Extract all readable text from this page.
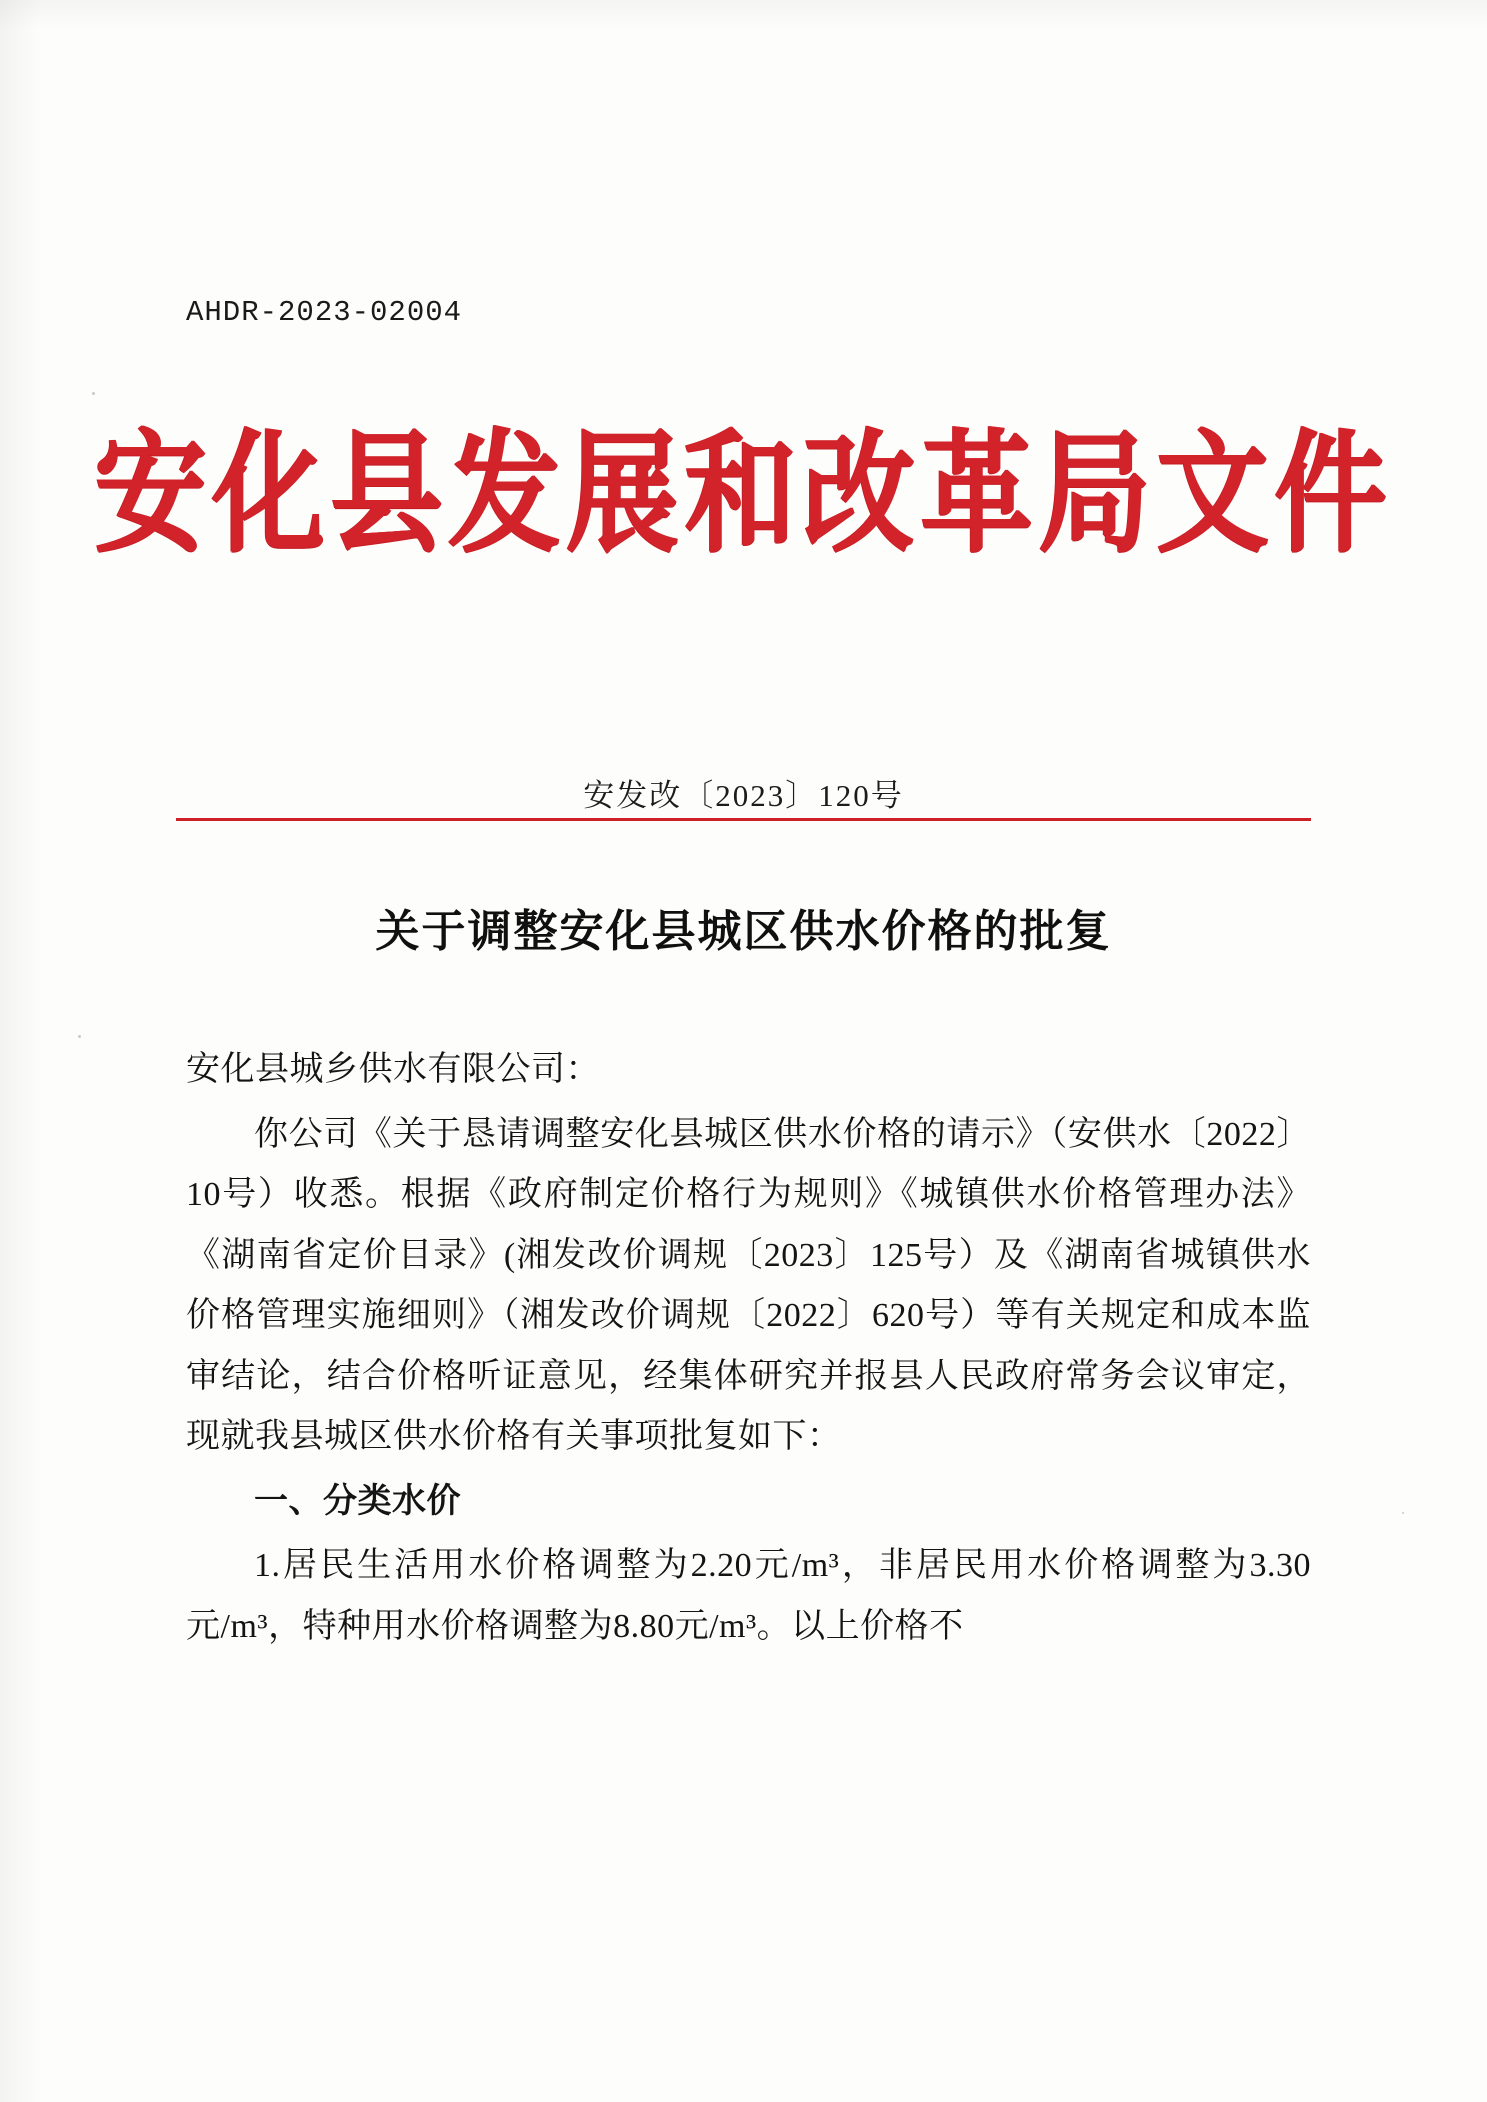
AHDR-2023-02004
安化县发展和改革局文件
安发改〔2023〕120号
关于调整安化县城区供水价格的批复

安化县城乡供水有限公司：

你公司《关于恳请调整安化县城区供水价格的请示》（安供水〔2022〕10号）收悉。根据《政府制定价格行为规则》《城镇供水价格管理办法》《湖南省定价目录》(湘发改价调规〔2023〕125号）及《湖南省城镇供水价格管理实施细则》（湘发改价调规〔2022〕620号）等有关规定和成本监审结论，结合价格听证意见，经集体研究并报县人民政府常务会议审定，现就我县城区供水价格有关事项批复如下：

一、分类水价

1.居民生活用水价格调整为2.20元/m³，非居民用水价格调整为3.30元/m³，特种用水价格调整为8.80元/m³。以上价格不
